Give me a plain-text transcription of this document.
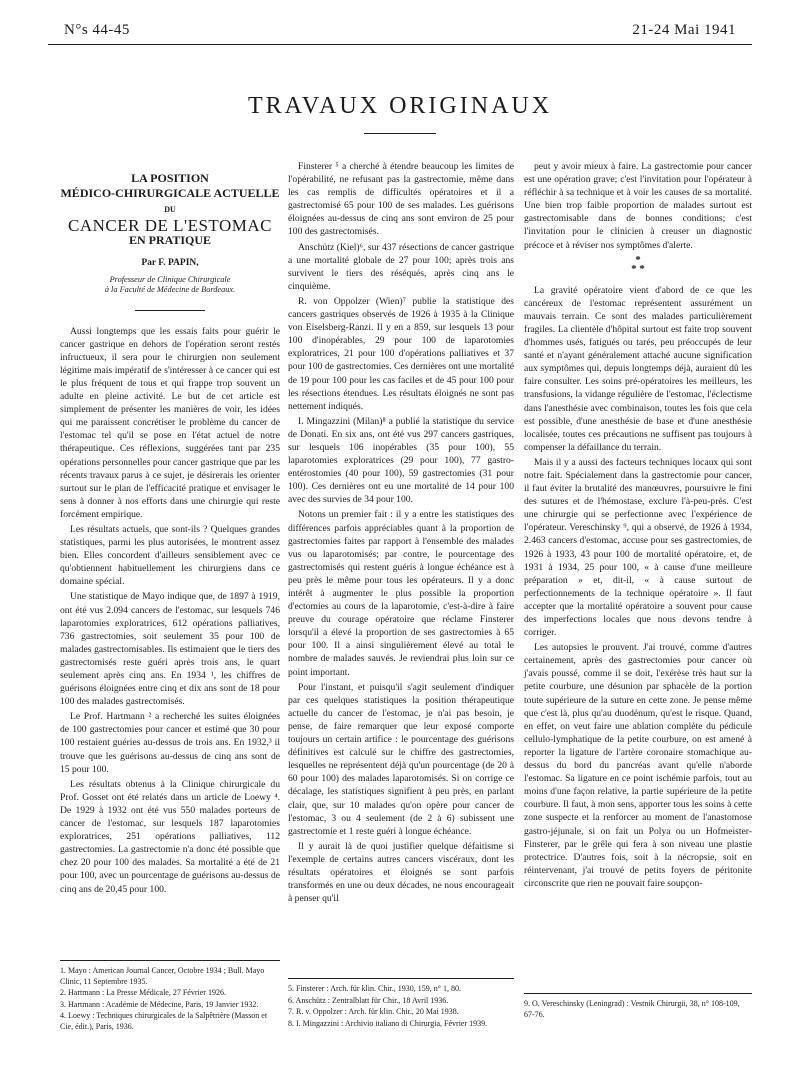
N°s 44-45	21-24 Mai 1941
TRAVAUX ORIGINAUX
LA POSITION
MÉDICO-CHIRURGICALE ACTUELLE
DU
CANCER DE L'ESTOMAC
EN PRATIQUE
Par F. PAPIN,
Professeur de Clinique Chirurgicale
à la Faculté de Médecine de Bordeaux.

Aussi longtemps que les essais faits pour guérir le cancer gastrique en dehors de l'opération seront restés infructueux, il sera pour le chirurgien non seulement légitime mais impératif de s'intéresser à ce cancer qui est le plus fréquent de tous et qui frappe trop souvent un adulte en pleine activité. Le but de cet article est simplement de présenter les manières de voir, les idées qui me paraissent concrétiser le problème du cancer de l'estomac tel qu'il se pose en l'état actuel de notre thérapeutique. Ces réflexions, suggérées tant par 235 opérations personnelles pour cancer gastrique que par les récents travaux parus à ce sujet, je désirerais les orienter surtout sur le plan de l'efficacité pratique et envisager le sens à donner à nos efforts dans une chirurgie qui reste forcément empirique.

Les résultats actuels, que sont-ils ? Quelques grandes statistiques, parmi les plus autorisées, le montrent assez bien. Elles concordent d'ailleurs sensiblement avec ce qu'obtiennent habituellement les chirurgiens dans ce domaine spécial.

Une statistique de Mayo indique que, de 1897 à 1919, ont été vus 2.094 cancers de l'estomac, sur lesquels 746 laparotomies exploratrices, 612 opérations palliatives, 736 gastrectomies, soit seulement 35 pour 100 de malades gastrectomisables. Ils estimaient que le tiers des gastrectomisés reste guéri après trois ans, le quart seulement après cinq ans. En 1934 ¹, les chiffres de guérisons éloignées entre cinq et dix ans sont de 18 pour 100 des malades gastrectomisés.

Le Prof. Hartmann ² a recherché les suites éloignées de 100 gastrectomies pour cancer et estimé que 30 pour 100 restaient guéries au-dessus de trois ans. En 1932,³ il trouve que les guérisons au-dessus de cinq ans sont de 15 pour 100.

Les résultats obtenus à la Clinique chirurgicale du Prof. Gosset ont été relatés dans un article de Loewy ⁴. De 1929 à 1932 ont été vus 550 malades porteurs de cancer de l'estomac, sur lesquels 187 laparotomies exploratrices, 251 opérations palliatives, 112 gastrectomies. La gastrectomie n'a donc été possible que chez 20 pour 100 des malades. Sa mortalité a été de 21 pour 100, avec un pourcentage de guérisons au-dessus de cinq ans de 20,45 pour 100.

Finsterer ⁵ a cherché à étendre beaucoup les limites de l'opérabilité, ne refusant pas la gastrectomie, même dans les cas remplis de difficultés opératoires et il a gastrectomisé 65 pour 100 de ses malades. Les guérisons éloignées au-dessus de cinq ans sont environ de 25 pour 100 des gastrectomisés.

Anschütz (Kiel)⁶, sur 437 résections de cancer gastrique a une mortalité globale de 27 pour 100; après trois ans survivent le tiers des réséqués, après cinq ans le cinquième.

R. von Oppolzer (Wien)⁷ publie la statistique des cancers gastriques observés de 1926 à 1935 à la Clinique von Eiselsberg-Ranzi. Il y en a 859, sur lesquels 13 pour 100 d'inopérables, 29 pour 100 de laparotomies exploratrices, 21 pour 100 d'opérations palliatives et 37 pour 100 de gastrectomies. Ces dernières ont une mortalité de 19 pour 100 pour les cas faciles et de 45 pour 100 pour les résections étendues. Les résultats éloignés ne sont pas nettement indiqués.

I. Mingazzini (Milan)⁸ a publié la statistique du service de Donati. En six ans, ont été vus 297 cancers gastriques, sur lesquels 106 inopérables (35 pour 100), 55 laparotomies exploratrices (29 pour 100), 77 gastro-entérostomies (40 pour 100), 59 gastrectomies (31 pour 100). Ces dernières ont eu une mortalité de 14 pour 100 avec des survies de 34 pour 100.

Notons un premier fait : il y a entre les statistiques des différences parfois appréciables quant à la proportion de gastrectomies faites par rapport à l'ensemble des malades vus ou laparotomisés; par contre, le pourcentage des gastrectomisés qui restent guéris à longue échéance est à peu près le même pour tous les opérateurs. Il y a donc intérêt à augmenter le plus possible la proportion d'ectomies au cours de la laparotomie, c'est-à-dire à faire preuve du courage opératoire que réclame Finsterer lorsqu'il a élevé la proportion de ses gastrectomies à 65 pour 100. Il a ainsi singulièrement élevé au total le nombre de malades sauvés. Je reviendrai plus loin sur ce point important.

Pour l'instant, et puisqu'il s'agit seulement d'indiquer par ces quelques statistiques la position thérapeutique actuelle du cancer de l'estomac, je n'ai pas besoin, je pense, de faire remarquer que leur exposé comporte toujours un certain artifice : le pourcentage des guérisons définitives est calculé sur le chiffre des gastrectomies, lesquelles ne représentent déjà qu'un pourcentage (de 20 à 60 pour 100) des malades laparotomisés. Si on corrige ce décalage, les statistiques signifient à peu près, en parlant clair, que, sur 10 malades qu'on opère pour cancer de l'estomac, 3 ou 4 seulement (de 2 à 6) subissent une gastrectomie et 1 reste guéri à longue échéance.

Il y aurait là de quoi justifier quelque défaitisme si l'exemple de certains autres cancers viscéraux, dont les résultats opératoires et éloignés se sont parfois transformés en une ou deux décades, ne nous encourageait à penser qu'il

peut y avoir mieux à faire. La gastrectomie pour cancer est une opération grave; c'est l'invitation pour l'opérateur à réfléchir à sa technique et à voir les causes de sa mortalité. Une bien trop faible proportion de malades surtout est gastrectomisable dans de bonnes conditions; c'est l'invitation pour le clinicien à creuser un diagnostic précoce et à réviser nos symptômes d'alerte.

*
* *

La gravité opératoire vient d'abord de ce que les cancéreux de l'estomac représentent assurément un mauvais terrain. Ce sont des malades particulièrement fragiles. La clientèle d'hôpital surtout est faite trop souvent d'hommes usés, fatigués ou tarés, peu préoccupés de leur santé et n'ayant généralement attaché aucune signification aux symptômes qui, depuis longtemps déjà, auraient dû les faire consulter. Les soins pré-opératoires les meilleurs, les transfusions, la vidange régulière de l'estomac, l'éclectisme dans l'anesthésie avec combinaison, toutes les fois que cela est possible, d'une anesthésie de base et d'une anesthésie localisée, toutes ces précautions ne suffisent pas toujours à compenser la défaillance du terrain.

Mais il y a aussi des facteurs techniques locaux qui sont notre fait. Spécialement dans la gastrectomie pour cancer, il faut éviter la brutalité des manœuvres, poursuivre le fini des sutures et de l'hémostase, exclure l'à-peu-près. C'est une chirurgie qui se perfectionne avec l'expérience de l'opérateur. Vereschinsky ⁹, qui a observé, de 1926 à 1934, 2.463 cancers d'estomac, accuse pour ses gastrectomies, de 1926 à 1933, 43 pour 100 de mortalité opératoire, et, de 1931 à 1934, 25 pour 100, « à cause d'une meilleure préparation » et, dit-il, « à cause surtout de perfectionnements de la technique opératoire ». Il faut accepter que la mortalité opératoire a souvent pour cause des imperfections locales que nous devons tendre à corriger.

Les autopsies le prouvent. J'ai trouvé, comme d'autres certainement, après des gastrectomies pour cancer où j'avais poussé, comme il se doit, l'exérèse très haut sur la petite courbure, une désunion par sphacèle de la portion toute supérieure de la suture en cette zone. Je pense même que c'est là, plus qu'au duodénum, qu'est le risque. Quand, en effet, on veut faire une ablation complète du pédicule cellulo-lymphatique de la petite courbure, on est amené à reporter la ligature de l'artère coronaire stomachique au-dessus du bord du pancréas avant qu'elle n'aborde l'estomac. Sa ligature en ce point ischémie parfois, tout au moins d'une façon relative, la partie supérieure de la petite courbure. Il faut, à mon sens, apporter tous les soins à cette zone suspecte et la renforcer au moment de l'anastomose gastro-jéjunale, si on fait un Polya ou un Hofmeister-Finsterer, par le grêle qui fera à son niveau une plastie protectrice. D'autres fois, soit à la nécropsie, soit en réintervenant, j'ai trouvé de petits foyers de péritonite circonscrite que rien ne pouvait faire soupçon-

1. Mayo : American Journal Cancer, Octobre 1934 ; Bull. Mayo Clinic, 11 Septembre 1935.
2. Hartmann : La Presse Médicale, 27 Février 1926.
3. Hartmann : Académie de Médecine, Paris, 19 Janvier 1932.
4. Loewy : Techniques chirurgicales de la Salpêtrière (Masson et Cie, édit.), Paris, 1936.
5. Finsterer : Arch. für klin. Chir., 1930, 159, n° 1, 80.
6. Anschütz : Zentralblatt für Chir., 18 Avril 1936.
7. R. v. Oppolzer : Arch. für klin. Chir., 20 Mai 1938.
8. I. Mingazzini : Archivio italiano di Chirurgia, Février 1939.
9. O. Vereschinsky (Leningrad) : Vestnik Chirurgii, 38, n° 108-109, 67-76.
